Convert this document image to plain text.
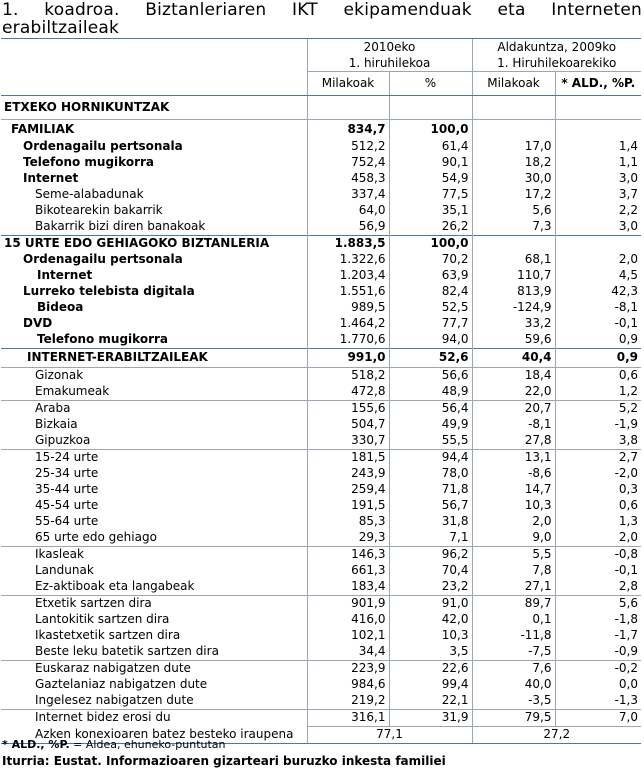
1. koadroa. Biztanleriaren IKT ekipamenduak eta Interneten
erabiltzaileak
	2010eko		Aldakuntza, 2009ko	
	1. hiruhilekoa		1. Hiruhilekoarekiko	
	Milakoak	%	Milakoak	* ALD., %P.
ETXEKO HORNIKUNTZAK				
FAMILIAK	834,7	100,0		
Ordenagailu pertsonala	512,2	61,4	17,0	1,4
Telefono mugikorra	752,4	90,1	18,2	1,1
Internet	458,3	54,9	30,0	3,0
Seme-alabadunak	337,4	77,5	17,2	3,7
Bikotearekin bakarrik	64,0	35,1	5,6	2,2
Bakarrik bizi diren banakoak	56,9	26,2	7,3	3,0
15 URTE EDO GEHIAGOKO BIZTANLERIA	1.883,5	100,0		
Ordenagailu pertsonala	1.322,6	70,2	68,1	2,0
Internet	1.203,4	63,9	110,7	4,5
Lurreko telebista digitala	1.551,6	82,4	813,9	42,3
Bideoa	989,5	52,5	-124,9	-8,1
DVD	1.464,2	77,7	33,2	-0,1
Telefono mugikorra	1.770,6	94,0	59,6	0,9
INTERNET-ERABILTZAILEAK	991,0	52,6	40,4	0,9
Gizonak	518,2	56,6	18,4	0,6
Emakumeak	472,8	48,9	22,0	1,2
Araba	155,6	56,4	20,7	5,2
Bizkaia	504,7	49,9	-8,1	-1,9
Gipuzkoa	330,7	55,5	27,8	3,8
15-24 urte	181,5	94,4	13,1	2,7
25-34 urte	243,9	78,0	-8,6	-2,0
35-44 urte	259,4	71,8	14,7	0,3
45-54 urte	191,5	56,7	10,3	0,6
55-64 urte	85,3	31,8	2,0	1,3
65 urte edo gehiago	29,3	7,1	9,0	2,0
Ikasleak	146,3	96,2	5,5	-0,8
Landunak	661,3	70,4	7,8	-0,1
Ez-aktiboak eta langabeak	183,4	23,2	27,1	2,8
Etxetik sartzen dira	901,9	91,0	89,7	5,6
Lantokitik sartzen dira	416,0	42,0	0,1	-1,8
Ikastetxetik sartzen dira	102,1	10,3	-11,8	-1,7
Beste leku batetik sartzen dira	34,4	3,5	-7,5	-0,9
Euskaraz nabigatzen dute	223,9	22,6	7,6	-0,2
Gaztelaniaz nabigatzen dute	984,6	99,4	40,0	0,0
Ingelesez nabigatzen dute	219,2	22,1	-3,5	-1,3
Internet bidez erosi du	316,1	31,9	79,5	7,0
Azken konexioaren batez besteko iraupena	77,1		27,2	
* ALD., %P. = Aldea, ehuneko-puntutan
Iturria: Eustat. Informazioaren gizarteari buruzko inkesta familiei
